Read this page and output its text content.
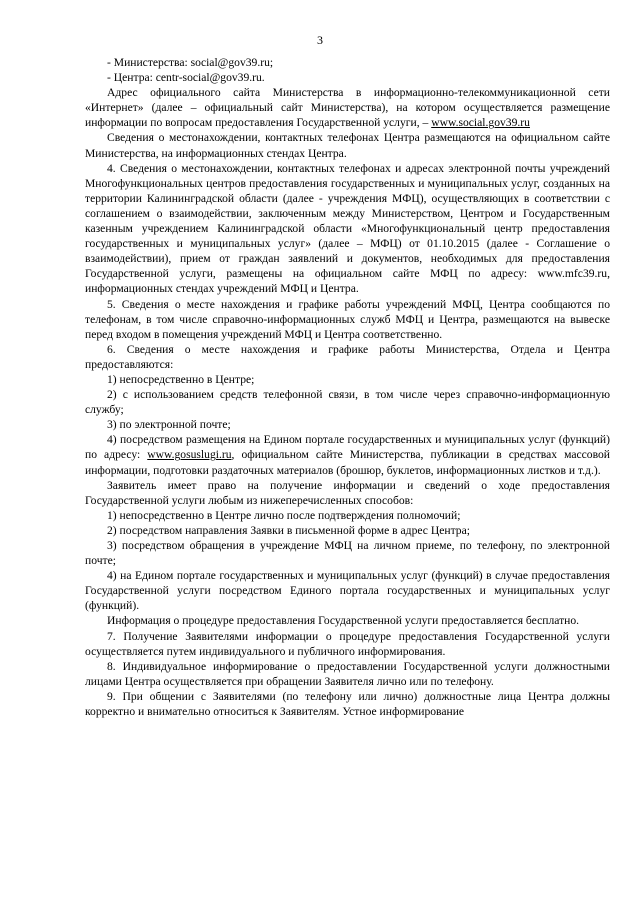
3

- Министерства: social@gov39.ru;

- Центра: centr-social@gov39.ru.

Адрес официального сайта Министерства в информационно-телекоммуникационной сети «Интернет» (далее – официальный сайт Министерства), на котором осуществляется размещение информации по вопросам предоставления Государственной услуги, – www.social.gov39.ru

Сведения о местонахождении, контактных телефонах Центра размещаются на официальном сайте Министерства, на информационных стендах Центра.

4. Сведения о местонахождении, контактных телефонах и адресах электронной почты учреждений Многофункциональных центров предоставления государственных и муниципальных услуг, созданных на территории Калининградской области (далее - учреждения МФЦ), осуществляющих в соответствии с соглашением о взаимодействии, заключенным между Министерством, Центром и Государственным казенным учреждением Калининградской области «Многофункциональный центр предоставления государственных и муниципальных услуг» (далее – МФЦ) от 01.10.2015 (далее - Соглашение о взаимодействии), прием от граждан заявлений и документов, необходимых для предоставления Государственной услуги, размещены на официальном сайте МФЦ по адресу: www.mfc39.ru, информационных стендах учреждений МФЦ и Центра.

5. Сведения о месте нахождения и графике работы учреждений МФЦ, Центра сообщаются по телефонам, в том числе справочно-информационных служб МФЦ и Центра, размещаются на вывеске перед входом в помещения учреждений МФЦ и Центра соответственно.

6. Сведения о месте нахождения и графике работы Министерства, Отдела и Центра предоставляются:

1) непосредственно в Центре;

2) с использованием средств телефонной связи, в том числе через справочно-информационную службу;

3) по электронной почте;

4) посредством размещения на Едином портале государственных и муниципальных услуг (функций) по адресу: www.gosuslugi.ru, официальном сайте Министерства, публикации в средствах массовой информации, подготовки раздаточных материалов (брошюр, буклетов, информационных листков и т.д.).

Заявитель имеет право на получение информации и сведений о ходе предоставления Государственной услуги любым из нижеперечисленных способов:

1) непосредственно в Центре лично после подтверждения полномочий;

2) посредством направления Заявки в письменной форме в адрес Центра;

3) посредством обращения в учреждение МФЦ на личном приеме, по телефону, по электронной почте;

4) на Едином портале государственных и муниципальных услуг (функций) в случае предоставления Государственной услуги посредством Единого портала государственных и муниципальных услуг (функций).

Информация о процедуре предоставления Государственной услуги предоставляется бесплатно.

7. Получение Заявителями информации о процедуре предоставления Государственной услуги осуществляется путем индивидуального и публичного информирования.

8. Индивидуальное информирование о предоставлении Государственной услуги должностными лицами Центра осуществляется при обращении Заявителя лично или по телефону.

9. При общении с Заявителями (по телефону или лично) должностные лица Центра должны корректно и внимательно относиться к Заявителям. Устное информирование
